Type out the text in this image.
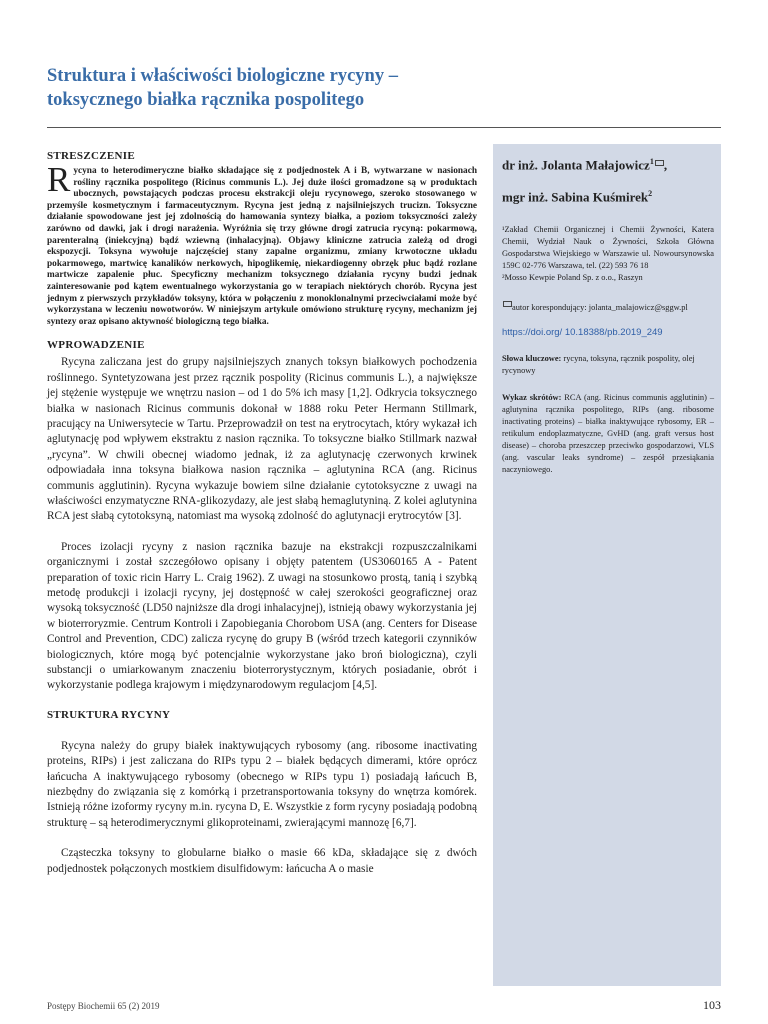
Struktura i właściwości biologiczne rycyny –
toksycznego białka rącznika pospolitego
STRESZCZENIE
Rycyna to heterodimeryczne białko składające się z podjednostek A i B, wytwarzane w nasionach rośliny rącznika pospolitego (Ricinus communis L.). Jej duże ilości gromadzone są w produktach ubocznych, powstających podczas procesu ekstrakcji oleju rycynowego, szeroko stosowanego w przemyśle kosmetycznym i farmaceutycznym. Rycyna jest jedną z najsilniejszych trucizn. Toksyczne działanie spowodowane jest jej zdolnością do hamowania syntezy białka, a poziom toksyczności zależy zarówno od dawki, jak i drogi narażenia. Wyróżnia się trzy główne drogi zatrucia rycyną: pokarmową, parenteralną (iniekcyjną) bądź wziewną (inhalacyjną). Objawy kliniczne zatrucia zależą od drogi ekspozycji. Toksyna wywołuje najczęściej stany zapalne organizmu, zmiany krwotoczne układu pokarmowego, martwicę kanalików nerkowych, hipoglikemię, niekardiogenny obrzęk płuc bądź rozlane martwicze zapalenie płuc. Specyficzny mechanizm toksycznego działania rycyny budzi jednak zainteresowanie pod kątem ewentualnego wykorzystania go w terapiach niektórych chorób. Rycyna jest jednym z pierwszych przykładów toksyny, która w połączeniu z monoklonalnymi przeciwciałami może być wykorzystana w leczeniu nowotworów. W niniejszym artykule omówiono strukturę rycyny, mechanizm jej syntezy oraz opisano aktywność biologiczną tego białka.
WPROWADZENIE

Rycyna zaliczana jest do grupy najsilniejszych znanych toksyn białkowych pochodzenia roślinnego. Syntetyzowana jest przez rącznik pospolity (Ricinus communis L.), a największe jej stężenie występuje we wnętrzu nasion – od 1 do 5% ich masy [1,2]. Odkrycia toksycznego białka w nasionach Ricinus communis dokonał w 1888 roku Peter Hermann Stillmark, pracujący na Uniwersytecie w Tartu. Przeprowadził on test na erytrocytach, który wykazał ich aglutynację pod wpływem ekstraktu z nasion rącznika. To toksyczne białko Stillmark nazwał „rycyna”. W chwili obecnej wiadomo jednak, iż za aglutynację czerwonych krwinek odpowiadała inna toksyna białkowa nasion rącznika – aglutynina RCA (ang. Ricinus communis agglutinin). Rycyna wykazuje bowiem silne działanie cytotoksyczne z uwagi na właściwości enzymatyczne RNA-glikozydazy, ale jest słabą hemaglutyniną. Z kolei aglutynina RCA jest słabą cytotoksyną, natomiast ma wysoką zdolność do aglutynacji erytrocytów [3].

Proces izolacji rycyny z nasion rącznika bazuje na ekstrakcji rozpuszczalnikami organicznymi i został szczegółowo opisany i objęty patentem (US3060165 A - Patent preparation of toxic ricin Harry L. Craig 1962). Z uwagi na stosunkowo prostą, tanią i szybką metodę produkcji i izolacji rycyny, jej dostępność w całej szerokości geograficznej oraz wysoką toksyczność (LD50 najniższe dla drogi inhalacyjnej), istnieją obawy wykorzystania jej w bioterroryzmie. Centrum Kontroli i Zapobiegania Chorobom USA (ang. Centers for Disease Control and Prevention, CDC) zalicza rycynę do grupy B (wśród trzech kategorii czynników biologicznych, które mogą być potencjalnie wykorzystane jako broń biologiczna), czyli substancji o umiarkowanym znaczeniu bioterrorystycznym, których posiadanie, obrót i wykorzystanie podlega krajowym i międzynarodowym regulacjom [4,5].

STRUKTURA RYCYNY

Rycyna należy do grupy białek inaktywujących rybosomy (ang. ribosome inactivating proteins, RIPs) i jest zaliczana do RIPs typu 2 – białek będących dimerami, które oprócz łańcucha A inaktywującego rybosomy (obecnego w RIPs typu 1) posiadają łańcuch B, niezbędny do związania się z komórką i przetransportowania toksyny do wnętrza komórek. Istnieją różne izoformy rycyny m.in. rycyna D, E. Wszystkie z form rycyny posiadają podobną strukturę – są heterodimerycznymi glikoproteinami, zwierającymi mannozę [6,7].

Cząsteczka toksyny to globularne białko o masie 66 kDa, składające się z dwóch podjednostek połączonych mostkiem disulfidowym: łańcucha A o masie

dr inż. Jolanta Małajowicz$^1$ ,
mgr inż. Sabina Kuśmirek$^2$

¹Zakład Chemii Organicznej i Chemii Żywności, Katera Chemii, Wydział Nauk o Żywności, Szkoła Główna Gospodarstwa Wiejskiego w Warszawie ul. Nowoursynowska 159C 02-776 Warszawa, tel. (22) 593 76 18

²Mosso Kewpie Poland Sp. z o.o., Raszyn

autor korespondujący: jolanta_malajowicz@sggw.pl

https://doi.org/ 10.18388/pb.2019_249

Słowa kluczowe: rycyna, toksyna, rącznik pospolity, olej rycynowy

Wykaz skrótów: RCA (ang. Ricinus communis agglutinin) – aglutynina rącznika pospolitego, RIPs (ang. ribosome inactivating proteins) – białka inaktywujące rybosomy, ER – retikulum endoplazmatyczne, GvHD (ang. graft versus host disease) – choroba przeszczep przeciwko gospodarzowi, VLS (ang. vascular leaks syndrome) – zespół przesiąkania naczyniowego.

Postępy Biochemii 65 (2) 2019	103
